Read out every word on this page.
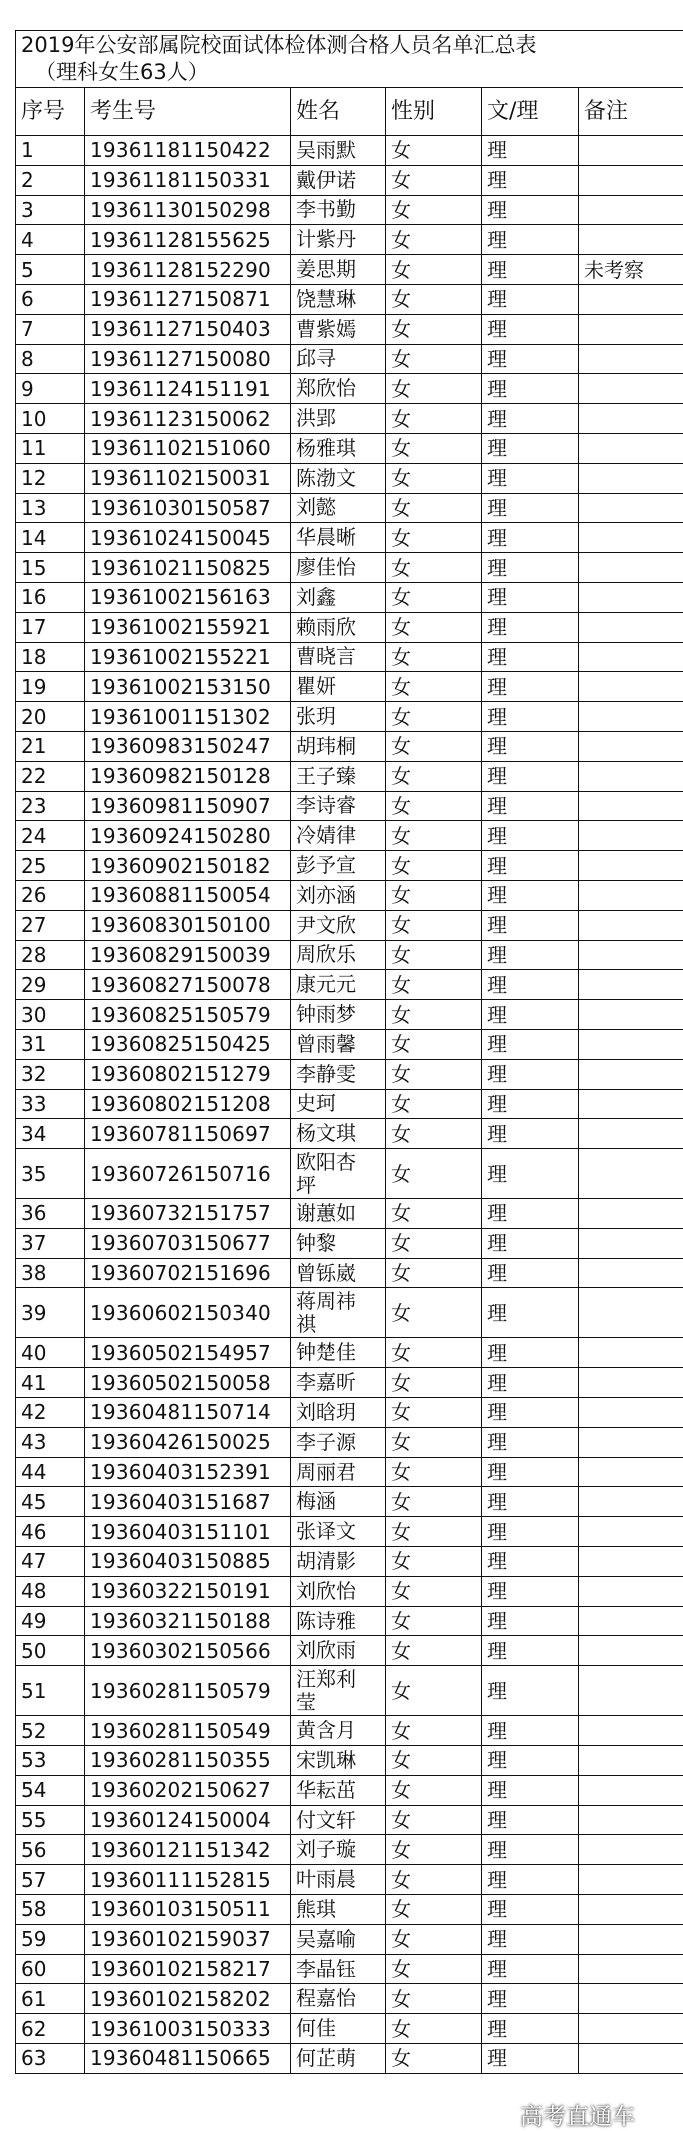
2019年公安部属院校面试体检体测合格人员名单汇总表
（理科女生63人）					

序号	考生号	姓名	性别	文/理	备注
1	19361181150422	吴雨默	女	理	
2	19361181150331	戴伊诺	女	理	
3	19361130150298	李书勤	女	理	
4	19361128155625	计紫丹	女	理	
5	19361128152290	姜思期	女	理	未考察
6	19361127150871	饶慧琳	女	理	
7	19361127150403	曹紫嫣	女	理	
8	19361127150080	邱寻	女	理	
9	19361124151191	郑欣怡	女	理	
10	19361123150062	洪郢	女	理	
11	19361102151060	杨雅琪	女	理	
12	19361102150031	陈渤文	女	理	
13	19361030150587	刘懿	女	理	
14	19361024150045	华晨晰	女	理	
15	19361021150825	廖佳怡	女	理	
16	19361002156163	刘鑫	女	理	
17	19361002155921	赖雨欣	女	理	
18	19361002155221	曹晓言	女	理	
19	19361002153150	瞿妍	女	理	
20	19361001151302	张玥	女	理	
21	19360983150247	胡玮桐	女	理	
22	19360982150128	王子臻	女	理	
23	19360981150907	李诗睿	女	理	
24	19360924150280	冷婧律	女	理	
25	19360902150182	彭予宣	女	理	
26	19360881150054	刘亦涵	女	理	
27	19360830150100	尹文欣	女	理	
28	19360829150039	周欣乐	女	理	
29	19360827150078	康元元	女	理	
30	19360825150579	钟雨梦	女	理	
31	19360825150425	曾雨馨	女	理	
32	19360802151279	李静雯	女	理	
33	19360802151208	史珂	女	理	
34	19360781150697	杨文琪	女	理	
35	19360726150716	欧阳杏
坪	女	理	
36	19360732151757	谢蕙如	女	理	
37	19360703150677	钟黎	女	理	
38	19360702151696	曾铄崴	女	理	
39	19360602150340	蒋周祎
祺	女	理	
40	19360502154957	钟楚佳	女	理	
41	19360502150058	李嘉昕	女	理	
42	19360481150714	刘晗玥	女	理	
43	19360426150025	李子源	女	理	
44	19360403152391	周丽君	女	理	
45	19360403151687	梅涵	女	理	
46	19360403151101	张译文	女	理	
47	19360403150885	胡清影	女	理	
48	19360322150191	刘欣怡	女	理	
49	19360321150188	陈诗雅	女	理	
50	19360302150566	刘欣雨	女	理	
51	19360281150579	汪郑利
莹	女	理	
52	19360281150549	黄含月	女	理	
53	19360281150355	宋凯琳	女	理	
54	19360202150627	华耘茁	女	理	
55	19360124150004	付文轩	女	理	
56	19360121151342	刘子璇	女	理	
57	19360111152815	叶雨晨	女	理	
58	19360103150511	熊琪	女	理	
59	19360102159037	吴嘉喻	女	理	
60	19360102158217	李晶钰	女	理	
61	19360102158202	程嘉怡	女	理	
62	19361003150333	何佳	女	理	
63	19360481150665	何芷萌	女	理	
高考直通车
